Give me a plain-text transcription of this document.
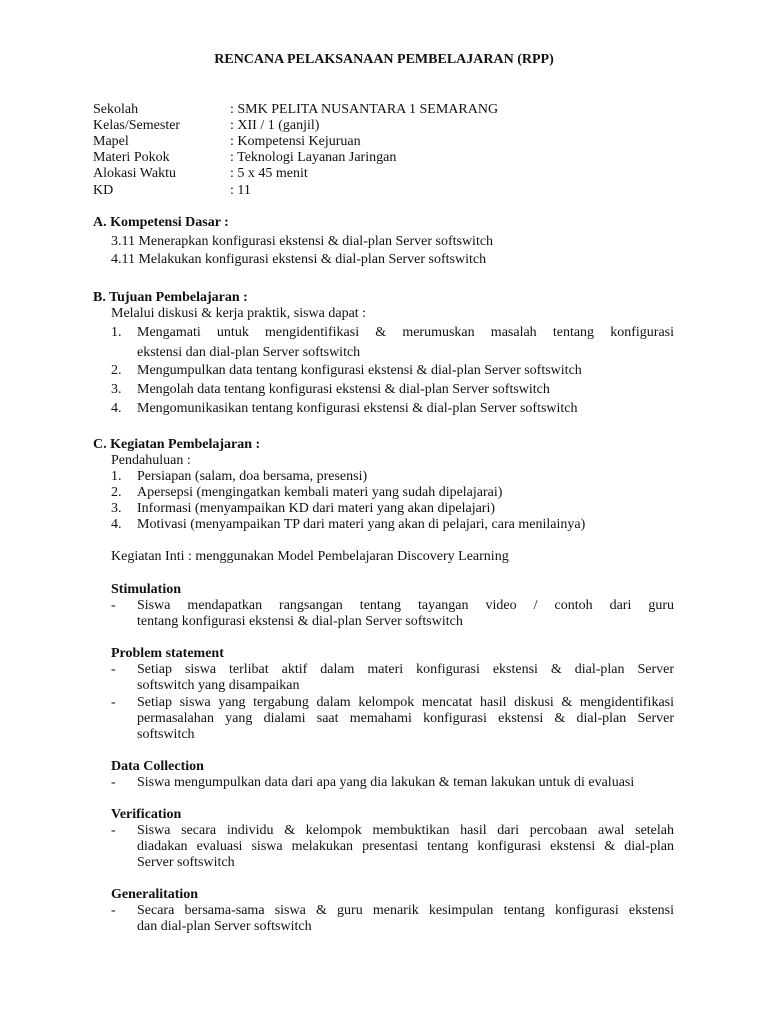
RENCANA PELAKSANAAN PEMBELAJARAN (RPP)
Sekolah	: SMK PELITA NUSANTARA 1 SEMARANG
Kelas/Semester	: XII / 1 (ganjil)
Mapel	: Kompetensi Kejuruan
Materi Pokok	: Teknologi Layanan Jaringan
Alokasi Waktu	: 5 x 45 menit
KD	: 11
A. Kompetensi Dasar :
3.11 Menerapkan konfigurasi ekstensi & dial-plan Server softswitch
4.11 Melakukan konfigurasi ekstensi & dial-plan Server softswitch
B. Tujuan Pembelajaran :
Melalui diskusi & kerja praktik, siswa dapat :
1.	Mengamati untuk mengidentifikasi & merumuskan masalah tentang konfigurasi
ekstensi dan dial-plan Server softswitch
2.	Mengumpulkan data tentang konfigurasi ekstensi & dial-plan Server softswitch
3.	Mengolah data tentang konfigurasi ekstensi & dial-plan Server softswitch
4.	Mengomunikasikan tentang konfigurasi ekstensi & dial-plan Server softswitch
C. Kegiatan Pembelajaran :
Pendahuluan :
1.	Persiapan (salam, doa bersama, presensi)
2.	Apersepsi (mengingatkan kembali materi yang sudah dipelajarai)
3.	Informasi (menyampaikan KD dari materi yang akan dipelajari)
4.	Motivasi (menyampaikan TP dari materi yang akan di pelajari, cara menilainya)
Kegiatan Inti : menggunakan Model Pembelajaran Discovery Learning
Stimulation
- Siswa mendapatkan rangsangan tentang tayangan video / contoh dari guru
tentang konfigurasi ekstensi & dial-plan Server softswitch
Problem statement
- Setiap siswa terlibat aktif dalam materi konfigurasi ekstensi & dial-plan Server
softswitch yang disampaikan
- Setiap siswa yang tergabung dalam kelompok mencatat hasil diskusi & mengidentifikasi
permasalahan yang dialami saat memahami konfigurasi ekstensi & dial-plan Server
softswitch
Data Collection
- Siswa mengumpulkan data dari apa yang dia lakukan & teman lakukan untuk di evaluasi
Verification
- Siswa secara individu & kelompok membuktikan hasil dari percobaan awal setelah
diadakan evaluasi siswa melakukan presentasi tentang konfigurasi ekstensi & dial-plan
Server softswitch
Generalitation
- Secara bersama-sama siswa & guru menarik kesimpulan tentang konfigurasi ekstensi
dan dial-plan Server softswitch
